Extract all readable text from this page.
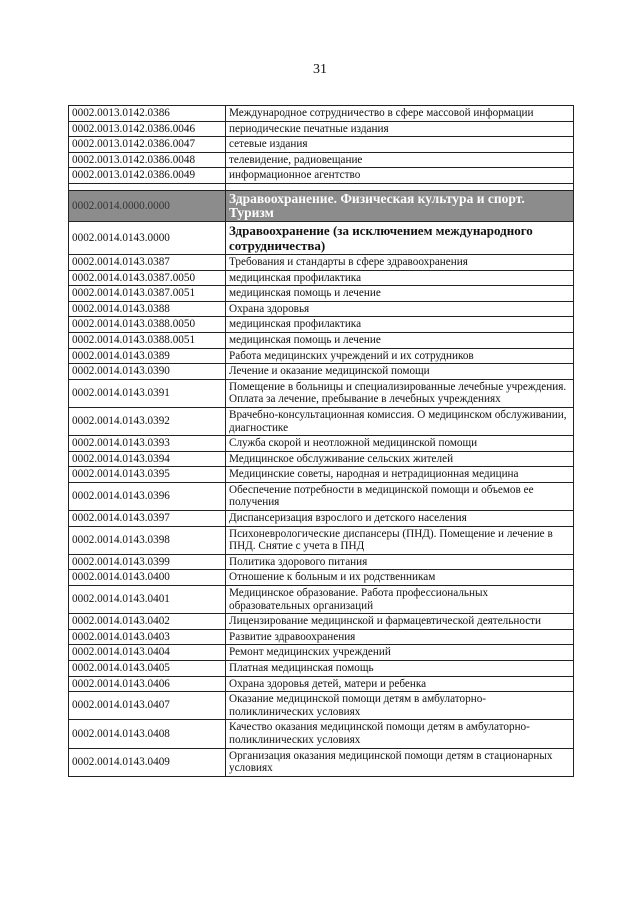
31
0002.0013.0142.0386	Международное сотрудничество в сфере массовой информации
0002.0013.0142.0386.0046	периодические печатные издания
0002.0013.0142.0386.0047	сетевые издания
0002.0013.0142.0386.0048	телевидение, радиовещание
0002.0013.0142.0386.0049	информационное агентство

0002.0014.0000.0000	Здравоохранение. Физическая культура и спорт. Туризм
0002.0014.0143.0000	Здравоохранение (за исключением международного сотрудничества)
0002.0014.0143.0387	Требования и стандарты в сфере здравоохранения
0002.0014.0143.0387.0050	медицинская профилактика
0002.0014.0143.0387.0051	медицинская помощь и лечение
0002.0014.0143.0388	Охрана здоровья
0002.0014.0143.0388.0050	медицинская профилактика
0002.0014.0143.0388.0051	медицинская помощь и лечение
0002.0014.0143.0389	Работа медицинских учреждений и их сотрудников
0002.0014.0143.0390	Лечение и оказание медицинской помощи
0002.0014.0143.0391	Помещение в больницы и специализированные лечебные учреждения. Оплата за лечение, пребывание в лечебных учреждениях
0002.0014.0143.0392	Врачебно-консультационная комиссия. О медицинском обслуживании, диагностике
0002.0014.0143.0393	Служба скорой и неотложной медицинской помощи
0002.0014.0143.0394	Медицинское обслуживание сельских жителей
0002.0014.0143.0395	Медицинские советы, народная и нетрадиционная медицина
0002.0014.0143.0396	Обеспечение потребности в медицинской помощи и объемов ее получения
0002.0014.0143.0397	Диспансеризация взрослого и детского населения
0002.0014.0143.0398	Психоневрологические диспансеры (ПНД). Помещение и лечение в ПНД. Снятие с учета в ПНД
0002.0014.0143.0399	Политика здорового питания
0002.0014.0143.0400	Отношение к больным и их родственникам
0002.0014.0143.0401	Медицинское образование. Работа профессиональных образовательных организаций
0002.0014.0143.0402	Лицензирование медицинской и фармацевтической деятельности
0002.0014.0143.0403	Развитие здравоохранения
0002.0014.0143.0404	Ремонт медицинских учреждений
0002.0014.0143.0405	Платная медицинская помощь
0002.0014.0143.0406	Охрана здоровья детей, матери и ребенка
0002.0014.0143.0407	Оказание медицинской помощи детям в амбулаторно-поликлинических условиях
0002.0014.0143.0408	Качество оказания медицинской помощи детям в амбулаторно-поликлинических условиях
0002.0014.0143.0409	Организация оказания медицинской помощи детям в стационарных условиях
